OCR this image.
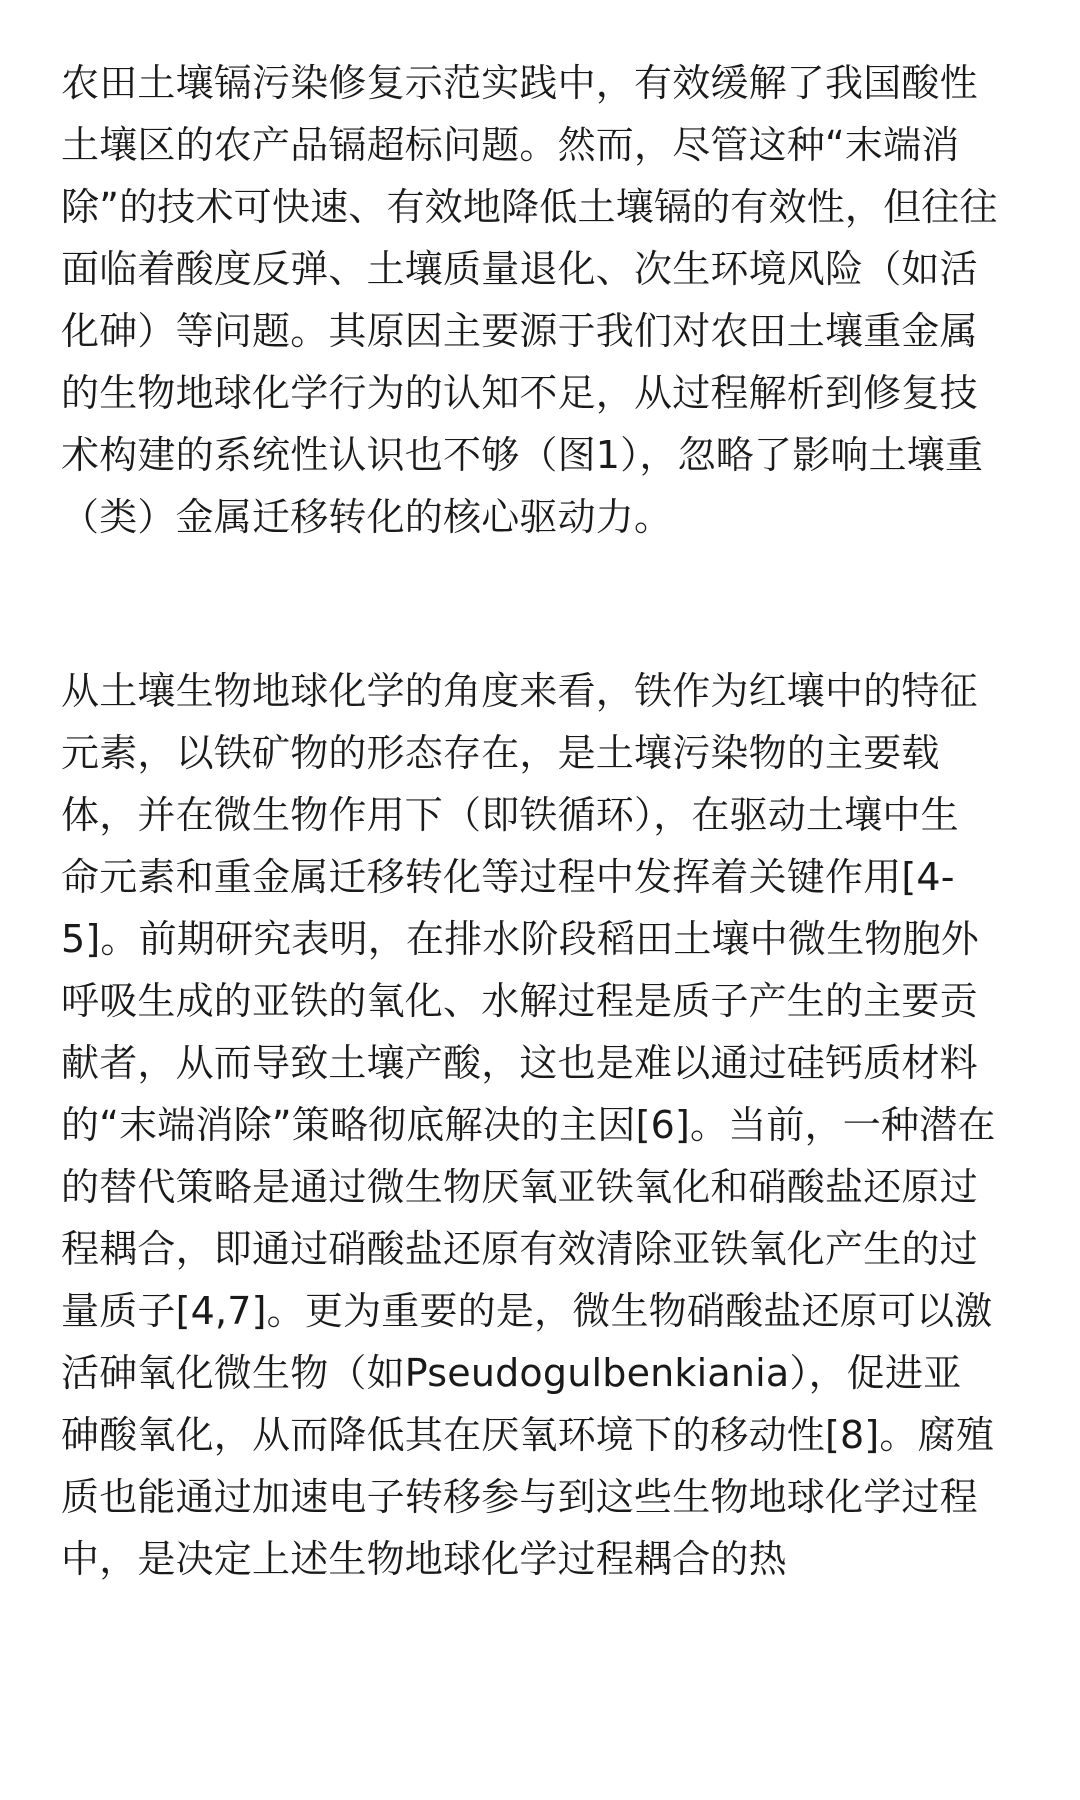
农田土壤镉污染修复示范实践中，有效缓解了我国酸性
土壤区的农产品镉超标问题。然而，尽管这种“末端消
除”的技术可快速、有效地降低土壤镉的有效性，但往往
面临着酸度反弹、土壤质量退化、次生环境风险（如活
化砷）等问题。其原因主要源于我们对农田土壤重金属
的生物地球化学行为的认知不足，从过程解析到修复技
术构建的系统性认识也不够（图1），忽略了影响土壤重
（类）金属迁移转化的核心驱动力。
从土壤生物地球化学的角度来看，铁作为红壤中的特征
元素，以铁矿物的形态存在，是土壤污染物的主要载
体，并在微生物作用下（即铁循环），在驱动土壤中生
命元素和重金属迁移转化等过程中发挥着关键作用[4-
5]。前期研究表明，在排水阶段稻田土壤中微生物胞外
呼吸生成的亚铁的氧化、水解过程是质子产生的主要贡
献者，从而导致土壤产酸，这也是难以通过硅钙质材料
的“末端消除”策略彻底解决的主因[6]。当前，一种潜在
的替代策略是通过微生物厌氧亚铁氧化和硝酸盐还原过
程耦合，即通过硝酸盐还原有效清除亚铁氧化产生的过
量质子[4,7]。更为重要的是，微生物硝酸盐还原可以激
活砷氧化微生物（如Pseudogulbenkiania），促进亚
砷酸氧化，从而降低其在厌氧环境下的移动性[8]。腐殖
质也能通过加速电子转移参与到这些生物地球化学过程
中，是决定上述生物地球化学过程耦合的热
